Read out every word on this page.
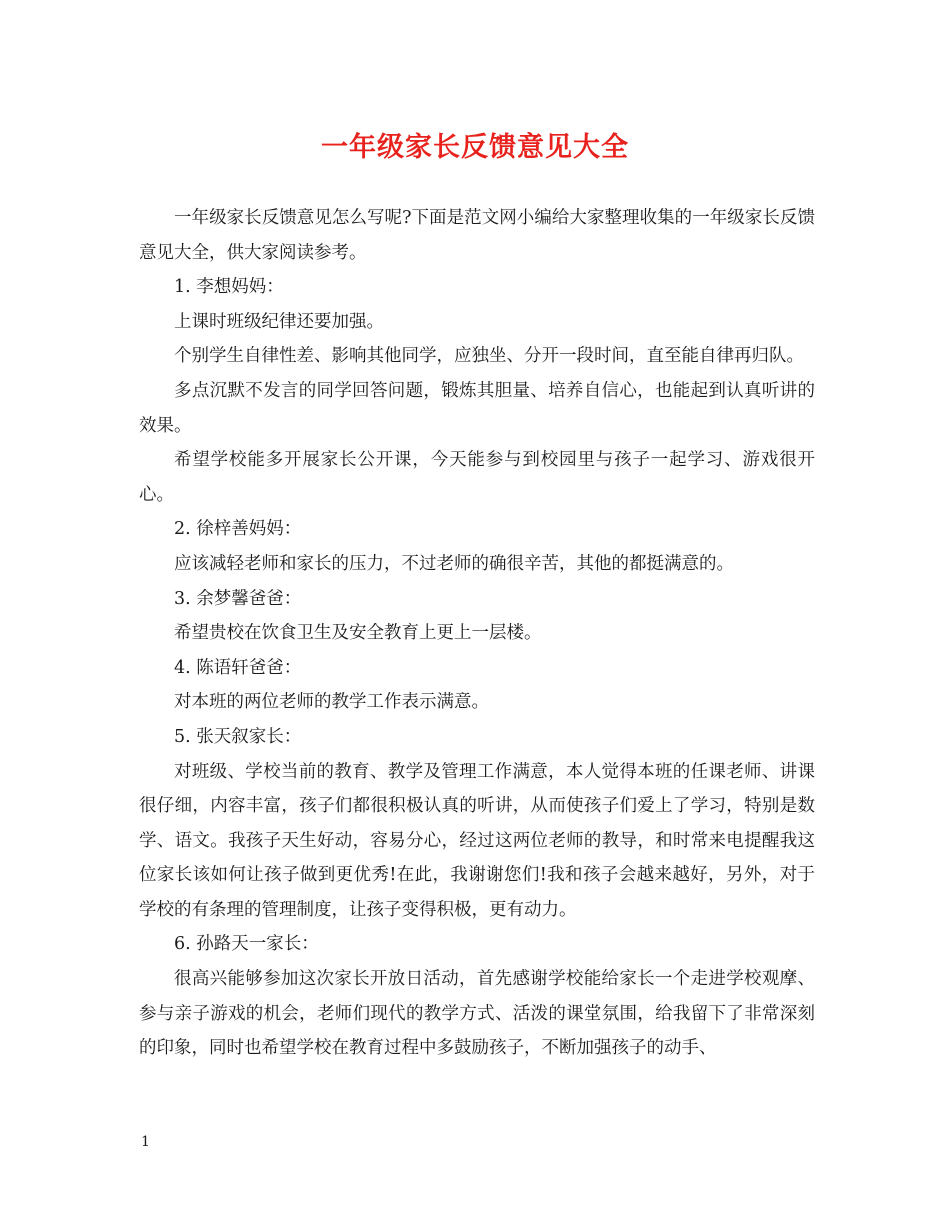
一年级家长反馈意见大全

一年级家长反馈意见怎么写呢?下面是范文网小编给大家整理收集的一年级家长反馈意见大全，供大家阅读参考。

1. 李想妈妈：

上课时班级纪律还要加强。

个别学生自律性差、影响其他同学，应独坐、分开一段时间，直至能自律再归队。

多点沉默不发言的同学回答问题，锻炼其胆量、培养自信心，也能起到认真听讲的效果。

希望学校能多开展家长公开课，今天能参与到校园里与孩子一起学习、游戏很开心。

2. 徐梓善妈妈：

应该减轻老师和家长的压力，不过老师的确很辛苦，其他的都挺满意的。

3. 余梦馨爸爸：

希望贵校在饮食卫生及安全教育上更上一层楼。

4. 陈语轩爸爸：

对本班的两位老师的教学工作表示满意。

5. 张天叙家长：

对班级、学校当前的教育、教学及管理工作满意，本人觉得本班的任课老师、讲课很仔细，内容丰富，孩子们都很积极认真的听讲，从而使孩子们爱上了学习，特别是数学、语文。我孩子天生好动，容易分心，经过这两位老师的教导，和时常来电提醒我这位家长该如何让孩子做到更优秀!在此，我谢谢您们!我和孩子会越来越好，另外，对于学校的有条理的管理制度，让孩子变得积极，更有动力。

6. 孙路天一家长：

很高兴能够参加这次家长开放日活动，首先感谢学校能给家长一个走进学校观摩、参与亲子游戏的机会，老师们现代的教学方式、活泼的课堂氛围，给我留下了非常深刻的印象，同时也希望学校在教育过程中多鼓励孩子，不断加强孩子的动手、

1
